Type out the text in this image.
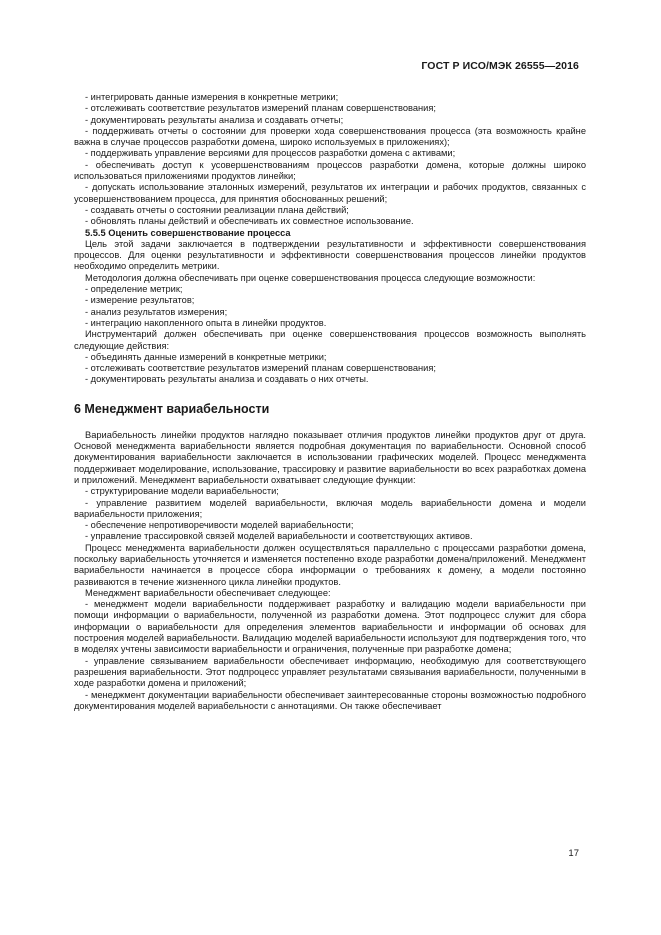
ГОСТ Р ИСО/МЭК 26555—2016

- интегрировать данные измерения в конкретные метрики;

- отслеживать соответствие результатов измерений планам совершенствования;

- документировать результаты анализа и создавать отчеты;

- поддерживать отчеты о состоянии для проверки хода совершенствования процесса (эта возможность крайне важна в случае процессов разработки домена, широко используемых в приложениях);

- поддерживать управление версиями для процессов разработки домена с активами;

- обеспечивать доступ к усовершенствованиям процессов разработки домена, которые должны широко использоваться приложениями продуктов линейки;

- допускать использование эталонных измерений, результатов их интеграции и рабочих продуктов, связанных с усовершенствованием процесса, для принятия обоснованных решений;

- создавать отчеты о состоянии реализации плана действий;

- обновлять планы действий и обеспечивать их совместное использование.

5.5.5 Оценить совершенствование процесса

Цель этой задачи заключается в подтверждении результативности и эффективности совершенствования процессов. Для оценки результативности и эффективности совершенствования процессов линейки продуктов необходимо определить метрики.

Методология должна обеспечивать при оценке совершенствования процесса следующие возможности:

- определение метрик;

- измерение результатов;

- анализ результатов измерения;

- интеграцию накопленного опыта в линейки продуктов.

Инструментарий должен обеспечивать при оценке совершенствования процессов возможность выполнять следующие действия:

- объединять данные измерений в конкретные метрики;

- отслеживать соответствие результатов измерений планам совершенствования;

- документировать результаты анализа и создавать о них отчеты.

6 Менеджмент вариабельности

Вариабельность линейки продуктов наглядно показывает отличия продуктов линейки продуктов друг от друга. Основой менеджмента вариабельности является подробная документация по вариабельности. Основной способ документирования вариабельности заключается в использовании графических моделей. Процесс менеджмента поддерживает моделирование, использование, трассировку и развитие вариабельности во всех разработках домена и приложений. Менеджмент вариабельности охватывает следующие функции:

- структурирование модели вариабельности;

- управление развитием моделей вариабельности, включая модель вариабельности домена и модели вариабельности приложения;

- обеспечение непротиворечивости моделей вариабельности;

- управление трассировкой связей моделей вариабельности и соответствующих активов.

Процесс менеджмента вариабельности должен осуществляться параллельно с процессами разработки домена, поскольку вариабельность уточняется и изменяется постепенно входе разработки домена/приложений. Менеджмент вариабельности начинается в процессе сбора информации о требованиях к домену, а модели постоянно развиваются в течение жизненного цикла линейки продуктов.

Менеджмент вариабельности обеспечивает следующее:

- менеджмент модели вариабельности поддерживает разработку и валидацию модели вариабельности при помощи информации о вариабельности, полученной из разработки домена. Этот подпроцесс служит для сбора информации о вариабельности для определения элементов вариабельности и информации об основах для построения моделей вариабельности. Валидацию моделей вариабельности используют для подтверждения того, что в моделях учтены зависимости вариабельности и ограничения, полученные при разработке домена;

- управление связыванием вариабельности обеспечивает информацию, необходимую для соответствующего разрешения вариабельности. Этот подпроцесс управляет результатами связывания вариабельности, полученными в ходе разработки домена и приложений;

- менеджмент документации вариабельности обеспечивает заинтересованные стороны возможностью подробного документирования моделей вариабельности с аннотациями. Он также обеспечивает

17
